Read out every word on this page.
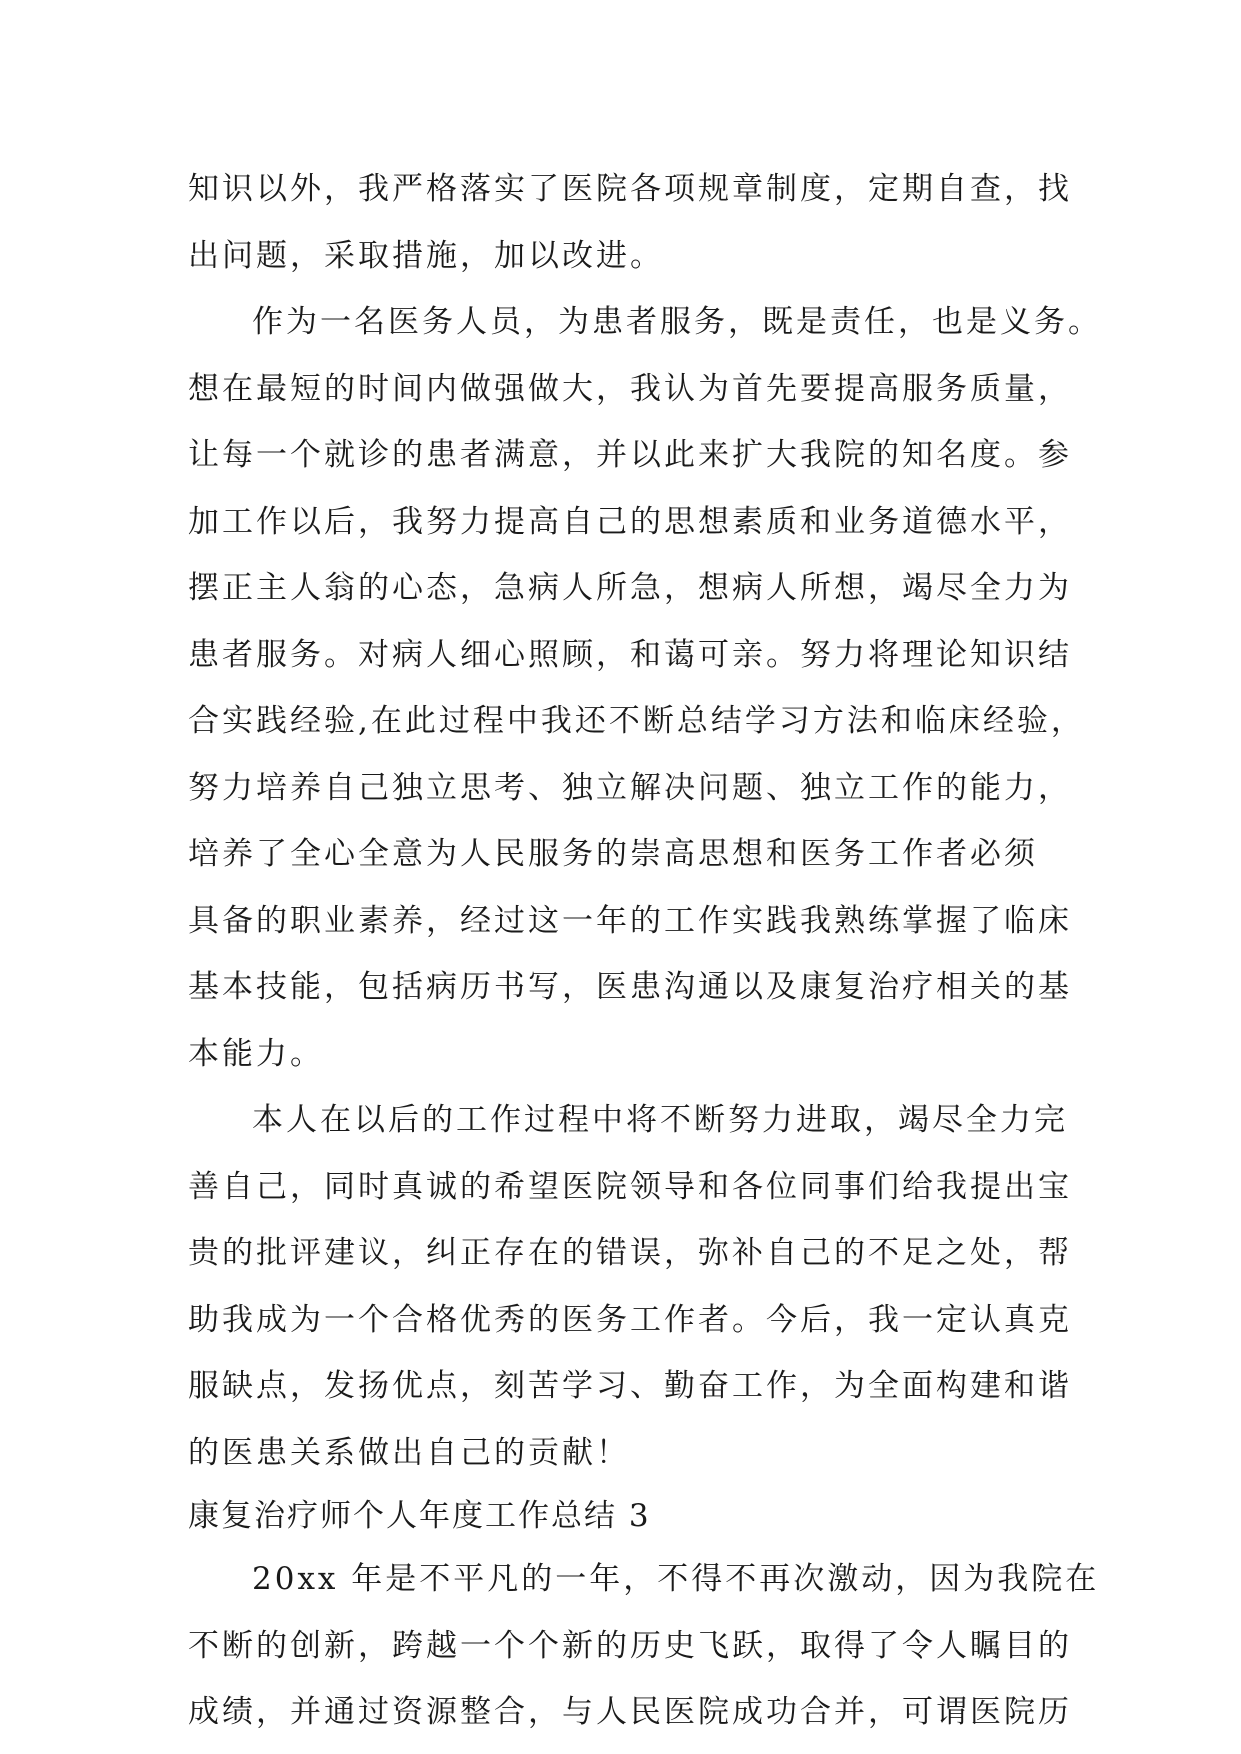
知识以外，我严格落实了医院各项规章制度，定期自查，找
出问题，采取措施，加以改进。
作为一名医务人员，为患者服务，既是责任，也是义务。
想在最短的时间内做强做大，我认为首先要提高服务质量，
让每一个就诊的患者满意，并以此来扩大我院的知名度。参
加工作以后，我努力提高自己的思想素质和业务道德水平，
摆正主人翁的心态，急病人所急，想病人所想，竭尽全力为
患者服务。对病人细心照顾，和蔼可亲。努力将理论知识结
合实践经验,在此过程中我还不断总结学习方法和临床经验，
努力培养自己独立思考、独立解决问题、独立工作的能力，
培养了全心全意为人民服务的崇高思想和医务工作者必须
具备的职业素养，经过这一年的工作实践我熟练掌握了临床
基本技能，包括病历书写，医患沟通以及康复治疗相关的基
本能力。
本人在以后的工作过程中将不断努力进取，竭尽全力完
善自己，同时真诚的希望医院领导和各位同事们给我提出宝
贵的批评建议，纠正存在的错误，弥补自己的不足之处，帮
助我成为一个合格优秀的医务工作者。今后，我一定认真克
服缺点，发扬优点，刻苦学习、勤奋工作，为全面构建和谐
的医患关系做出自己的贡献！
康复治疗师个人年度工作总结 3
20xx 年是不平凡的一年，不得不再次激动，因为我院在
不断的创新，跨越一个个新的历史飞跃，取得了令人瞩目的
成绩，并通过资源整合，与人民医院成功合并，可谓医院历
